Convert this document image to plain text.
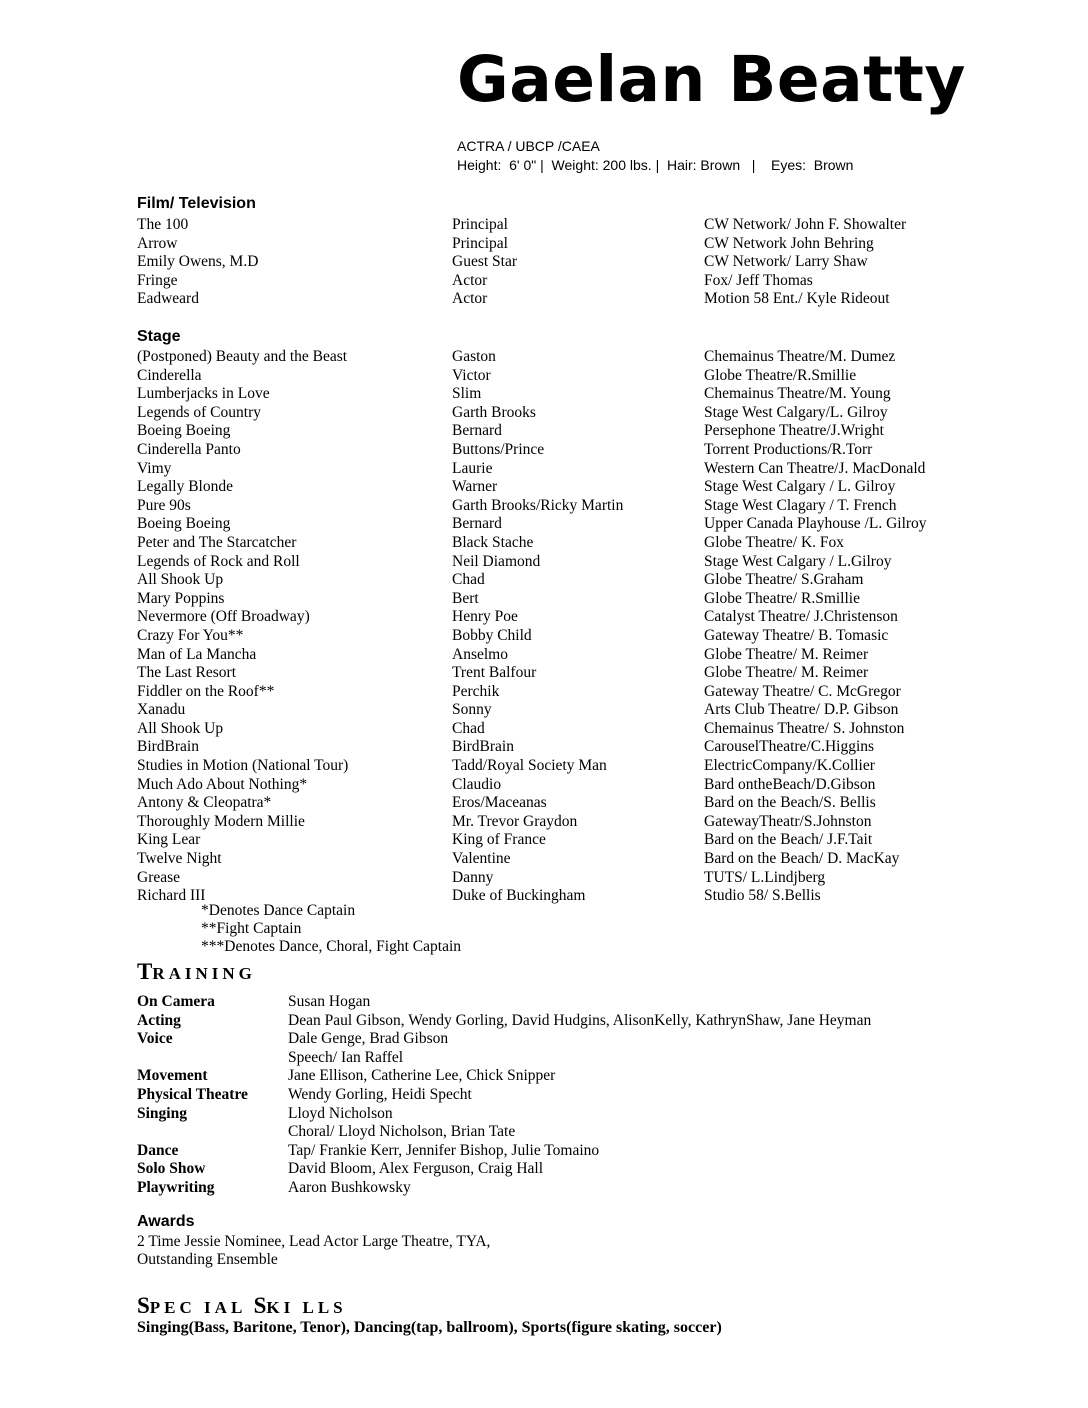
Gaelan Beatty
ACTRA / UBCP /CAEA
Height:  6' 0" |  Weight: 200 lbs. |  Hair: Brown   |    Eyes:  Brown
Film/ Television
The 100	Principal	CW Network/ John F. Showalter
Arrow	Principal	CW Network John Behring
Emily Owens, M.D	Guest Star	CW Network/ Larry Shaw
Fringe	Actor	Fox/ Jeff Thomas
Eadweard	Actor	Motion 58 Ent./ Kyle Rideout
Stage
(Postponed) Beauty and the Beast	Gaston	Chemainus Theatre/M. Dumez
Cinderella	Victor	Globe Theatre/R.Smillie
Lumberjacks in Love	Slim	Chemainus Theatre/M. Young
Legends of Country	Garth Brooks	Stage West Calgary/L. Gilroy
Boeing Boeing	Bernard	Persephone Theatre/J.Wright
Cinderella Panto	Buttons/Prince	Torrent Productions/R.Torr
Vimy	Laurie	Western Can Theatre/J. MacDonald
Legally Blonde	Warner	Stage West Calgary / L. Gilroy
Pure 90s	Garth Brooks/Ricky Martin	Stage West Clagary / T. French
Boeing Boeing	Bernard	Upper Canada Playhouse /L. Gilroy
Peter and The Starcatcher	Black Stache	Globe Theatre/ K. Fox
Legends of Rock and Roll	Neil Diamond	Stage West Calgary / L.Gilroy
All Shook Up	Chad	Globe Theatre/ S.Graham
Mary Poppins	Bert	Globe Theatre/ R.Smillie
Nevermore (Off Broadway)	Henry Poe	Catalyst Theatre/ J.Christenson
Crazy For You**	Bobby Child	Gateway Theatre/ B. Tomasic
Man of La Mancha	Anselmo	Globe Theatre/ M. Reimer
The Last Resort	Trent Balfour	Globe Theatre/ M. Reimer
Fiddler on the Roof**	Perchik	Gateway Theatre/ C. McGregor
Xanadu	Sonny	Arts Club Theatre/ D.P. Gibson
All Shook Up	Chad	Chemainus Theatre/ S. Johnston
BirdBrain	BirdBrain	CarouselTheatre/C.Higgins
Studies in Motion (National Tour)	Tadd/Royal Society Man	ElectricCompany/K.Collier
Much Ado About Nothing*	Claudio	Bard ontheBeach/D.Gibson
Antony & Cleopatra*	Eros/Maceanas	Bard on the Beach/S. Bellis
Thoroughly Modern Millie	Mr. Trevor Graydon	GatewayTheatr/S.Johnston
King Lear	King of France	Bard on the Beach/ J.F.Tait
Twelve Night	Valentine	Bard on the Beach/ D. MacKay
Grease	Danny	TUTS/ L.Lindjberg
Richard III	Duke of Buckingham	Studio 58/ S.Bellis
*Denotes Dance Captain
**Fight Captain
***Denotes Dance, Choral, Fight Captain
TRAINING
On Camera	Susan Hogan
Acting	Dean Paul Gibson, Wendy Gorling, David Hudgins, AlisonKelly, KathrynShaw, Jane Heyman
Voice	Dale Genge, Brad Gibson
Speech/ Ian Raffel
Movement	Jane Ellison, Catherine Lee, Chick Snipper
Physical Theatre	Wendy Gorling, Heidi Specht
Singing	Lloyd Nicholson
Choral/ Lloyd Nicholson, Brian Tate
Dance	Tap/ Frankie Kerr, Jennifer Bishop, Julie Tomaino
Solo Show	David Bloom, Alex Ferguson, Craig Hall
Playwriting	Aaron Bushkowsky
Awards
2 Time Jessie Nominee, Lead Actor Large Theatre, TYA,
Outstanding Ensemble
SPEC IAL SKI LLS
Singing(Bass, Baritone, Tenor), Dancing(tap, ballroom), Sports(figure skating, soccer)
